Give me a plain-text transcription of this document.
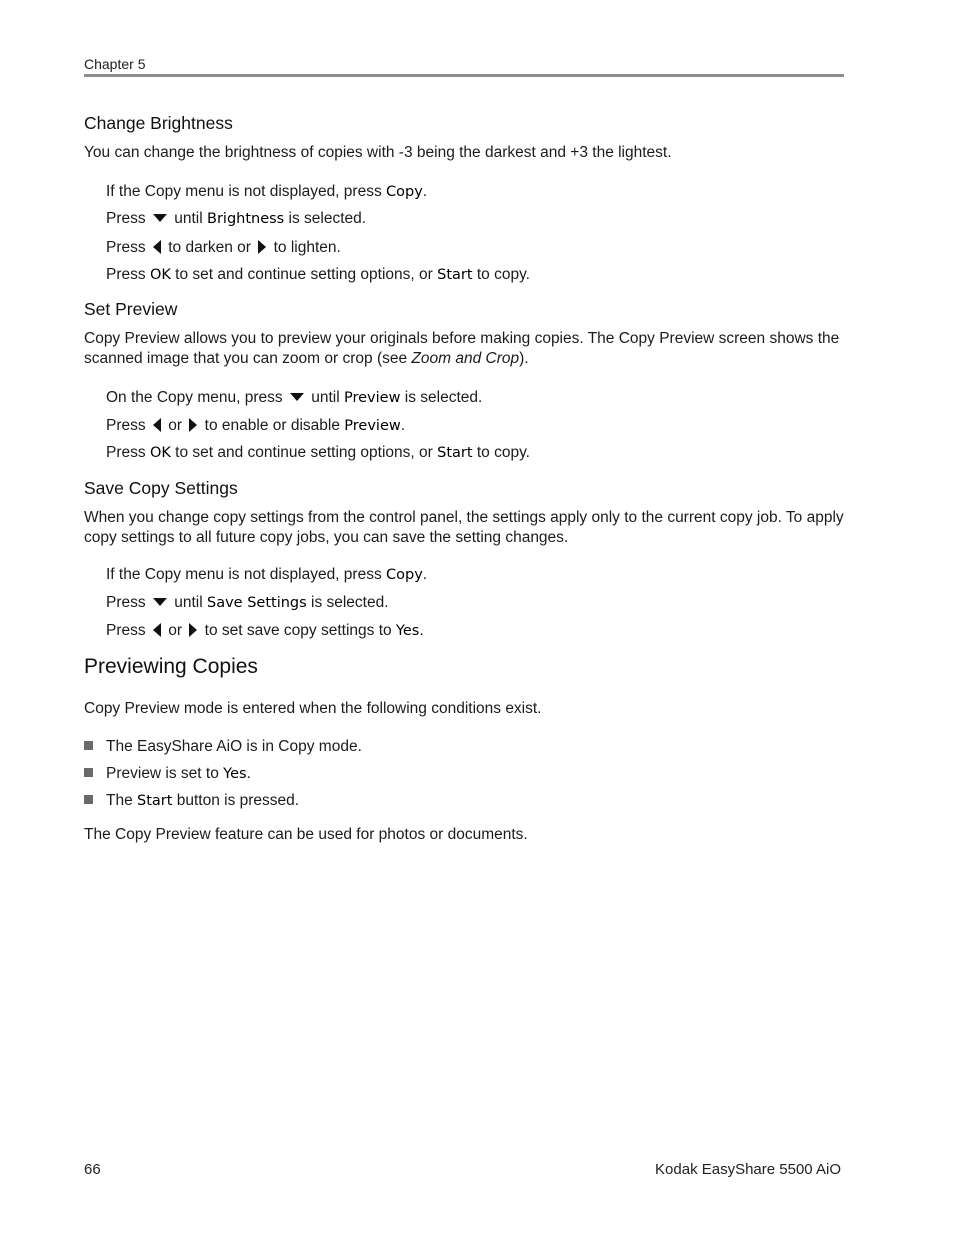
Chapter 5
Change Brightness

You can change the brightness of copies with -3 being the darkest and +3 the lightest.

If the Copy menu is not displayed, press Copy.
Press until Brightness is selected.
Press to darken or to lighten.
Press OK to set and continue setting options, or Start to copy.
Set Preview

Copy Preview allows you to preview your originals before making copies. The Copy Preview screen shows the scanned image that you can zoom or crop (see Zoom and Crop).

On the Copy menu, press until Preview is selected.
Press or to enable or disable Preview.
Press OK to set and continue setting options, or Start to copy.
Save Copy Settings

When you change copy settings from the control panel, the settings apply only to the current copy job. To apply copy settings to all future copy jobs, you can save the setting changes.

If the Copy menu is not displayed, press Copy.
Press until Save Settings is selected.
Press or to set save copy settings to Yes.
Previewing Copies

Copy Preview mode is entered when the following conditions exist.

The EasyShare AiO is in Copy mode.
Preview is set to Yes.
The Start button is pressed.

The Copy Preview feature can be used for photos or documents.

66	Kodak EasyShare 5500 AiO
